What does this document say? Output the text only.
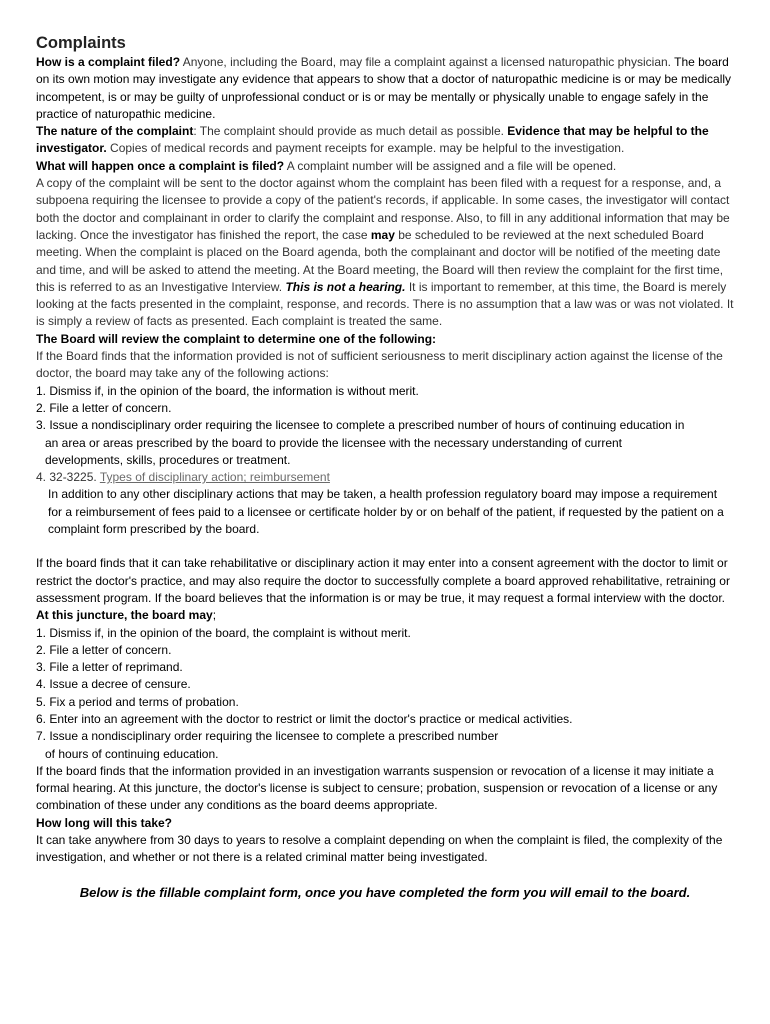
Complaints

How is a complaint filed? Anyone, including the Board, may file a complaint against a licensed naturopathic physician. The board on its own motion may investigate any evidence that appears to show that a doctor of naturopathic medicine is or may be medically incompetent, is or may be guilty of unprofessional conduct or is or may be mentally or physically unable to engage safely in the practice of naturopathic medicine.

The nature of the complaint: The complaint should provide as much detail as possible. Evidence that may be helpful to the investigator. Copies of medical records and payment receipts for example. may be helpful to the investigation.

What will happen once a complaint is filed? A complaint number will be assigned and a file will be opened.

A copy of the complaint will be sent to the doctor against whom the complaint has been filed with a request for a response, and, a subpoena requiring the licensee to provide a copy of the patient's records, if applicable. In some cases, the investigator will contact both the doctor and complainant in order to clarify the complaint and response. Also, to fill in any additional information that may be lacking. Once the investigator has finished the report, the case may be scheduled to be reviewed at the next scheduled Board meeting. When the complaint is placed on the Board agenda, both the complainant and doctor will be notified of the meeting date and time, and will be asked to attend the meeting. At the Board meeting, the Board will then review the complaint for the first time, this is referred to as an Investigative Interview. This is not a hearing. It is important to remember, at this time, the Board is merely looking at the facts presented in the complaint, response, and records. There is no assumption that a law was or was not violated. It is simply a review of facts as presented. Each complaint is treated the same.

The Board will review the complaint to determine one of the following:

If the Board finds that the information provided is not of sufficient seriousness to merit disciplinary action against the license of the doctor, the board may take any of the following actions:

1. Dismiss if, in the opinion of the board, the information is without merit.

2. File a letter of concern.

3. Issue a nondisciplinary order requiring the licensee to complete a prescribed number of hours of continuing education in

an area or areas prescribed by the board to provide the licensee with the necessary understanding of current

developments, skills, procedures or treatment.

4. 32-3225. Types of disciplinary action; reimbursement

In addition to any other disciplinary actions that may be taken, a health profession regulatory board may impose a requirement for a reimbursement of fees paid to a licensee or certificate holder by or on behalf of the patient, if requested by the patient on a complaint form prescribed by the board.

If the board finds that it can take rehabilitative or disciplinary action it may enter into a consent agreement with the doctor to limit or restrict the doctor's practice, and may also require the doctor to successfully complete a board approved rehabilitative, retraining or assessment program. If the board believes that the information is or may be true, it may request a formal interview with the doctor.

At this juncture, the board may;

1. Dismiss if, in the opinion of the board, the complaint is without merit.

2. File a letter of concern.

3. File a letter of reprimand.

4. Issue a decree of censure.

5. Fix a period and terms of probation.

6. Enter into an agreement with the doctor to restrict or limit the doctor's practice or medical activities.

7. Issue a nondisciplinary order requiring the licensee to complete a prescribed number

of hours of continuing education.

If the board finds that the information provided in an investigation warrants suspension or revocation of a license it may initiate a formal hearing. At this juncture, the doctor's license is subject to censure; probation, suspension or revocation of a license or any combination of these under any conditions as the board deems appropriate.

How long will this take?

It can take anywhere from 30 days to years to resolve a complaint depending on when the complaint is filed, the complexity of the investigation, and whether or not there is a related criminal matter being investigated.

Below is the fillable complaint form, once you have completed the form you will email to the board.
